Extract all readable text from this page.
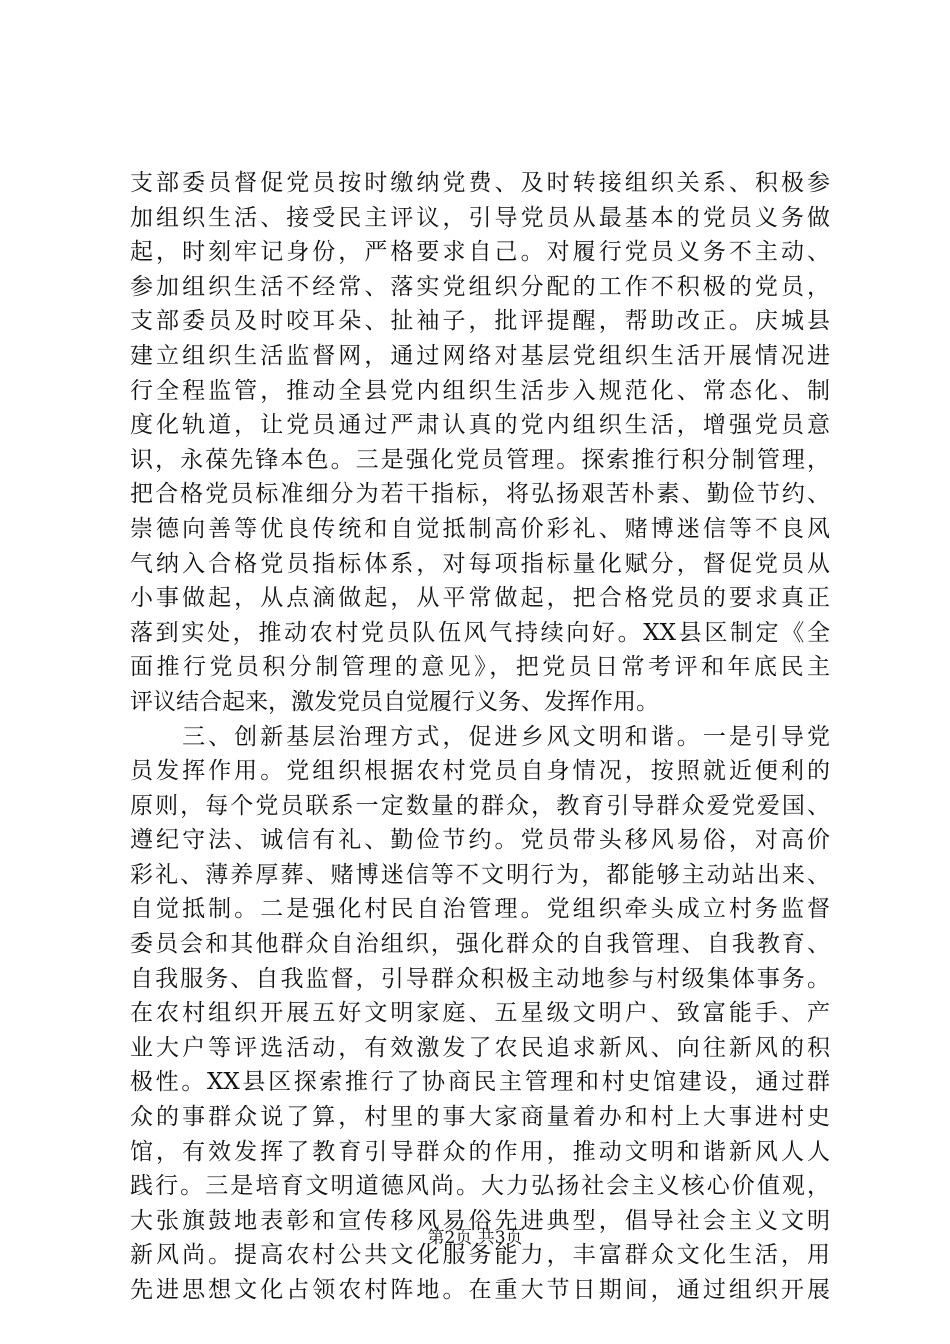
支部委员督促党员按时缴纳党费、及时转接组织关系、积极参
加组织生活、接受民主评议，引导党员从最基本的党员义务做
起，时刻牢记身份，严格要求自己。对履行党员义务不主动、
参加组织生活不经常、落实党组织分配的工作不积极的党员，
支部委员及时咬耳朵、扯袖子，批评提醒，帮助改正。庆城县
建立组织生活监督网，通过网络对基层党组织生活开展情况进
行全程监管，推动全县党内组织生活步入规范化、常态化、制
度化轨道，让党员通过严肃认真的党内组织生活，增强党员意
识，永葆先锋本色。三是强化党员管理。探索推行积分制管理，
把合格党员标准细分为若干指标，将弘扬艰苦朴素、勤俭节约、
崇德向善等优良传统和自觉抵制高价彩礼、赌博迷信等不良风
气纳入合格党员指标体系，对每项指标量化赋分，督促党员从
小事做起，从点滴做起，从平常做起，把合格党员的要求真正
落到实处，推动农村党员队伍风气持续向好。XX县区制定《全
面推行党员积分制管理的意见》，把党员日常考评和年底民主
评议结合起来，激发党员自觉履行义务、发挥作用。
　　三、创新基层治理方式，促进乡风文明和谐。一是引导党
员发挥作用。党组织根据农村党员自身情况，按照就近便利的
原则，每个党员联系一定数量的群众，教育引导群众爱党爱国、
遵纪守法、诚信有礼、勤俭节约。党员带头移风易俗，对高价
彩礼、薄养厚葬、赌博迷信等不文明行为，都能够主动站出来、
自觉抵制。二是强化村民自治管理。党组织牵头成立村务监督
委员会和其他群众自治组织，强化群众的自我管理、自我教育、
自我服务、自我监督，引导群众积极主动地参与村级集体事务。
在农村组织开展五好文明家庭、五星级文明户、致富能手、产
业大户等评选活动，有效激发了农民追求新风、向往新风的积
极性。XX县区探索推行了协商民主管理和村史馆建设，通过群
众的事群众说了算，村里的事大家商量着办和村上大事进村史
馆，有效发挥了教育引导群众的作用，推动文明和谐新风人人
践行。三是培育文明道德风尚。大力弘扬社会主义核心价值观，
大张旗鼓地表彰和宣传移风易俗先进典型，倡导社会主义文明
新风尚。提高农村公共文化服务能力，丰富群众文化生活，用
先进思想文化占领农村阵地。在重大节日期间，通过组织开展
第2页 共3页
